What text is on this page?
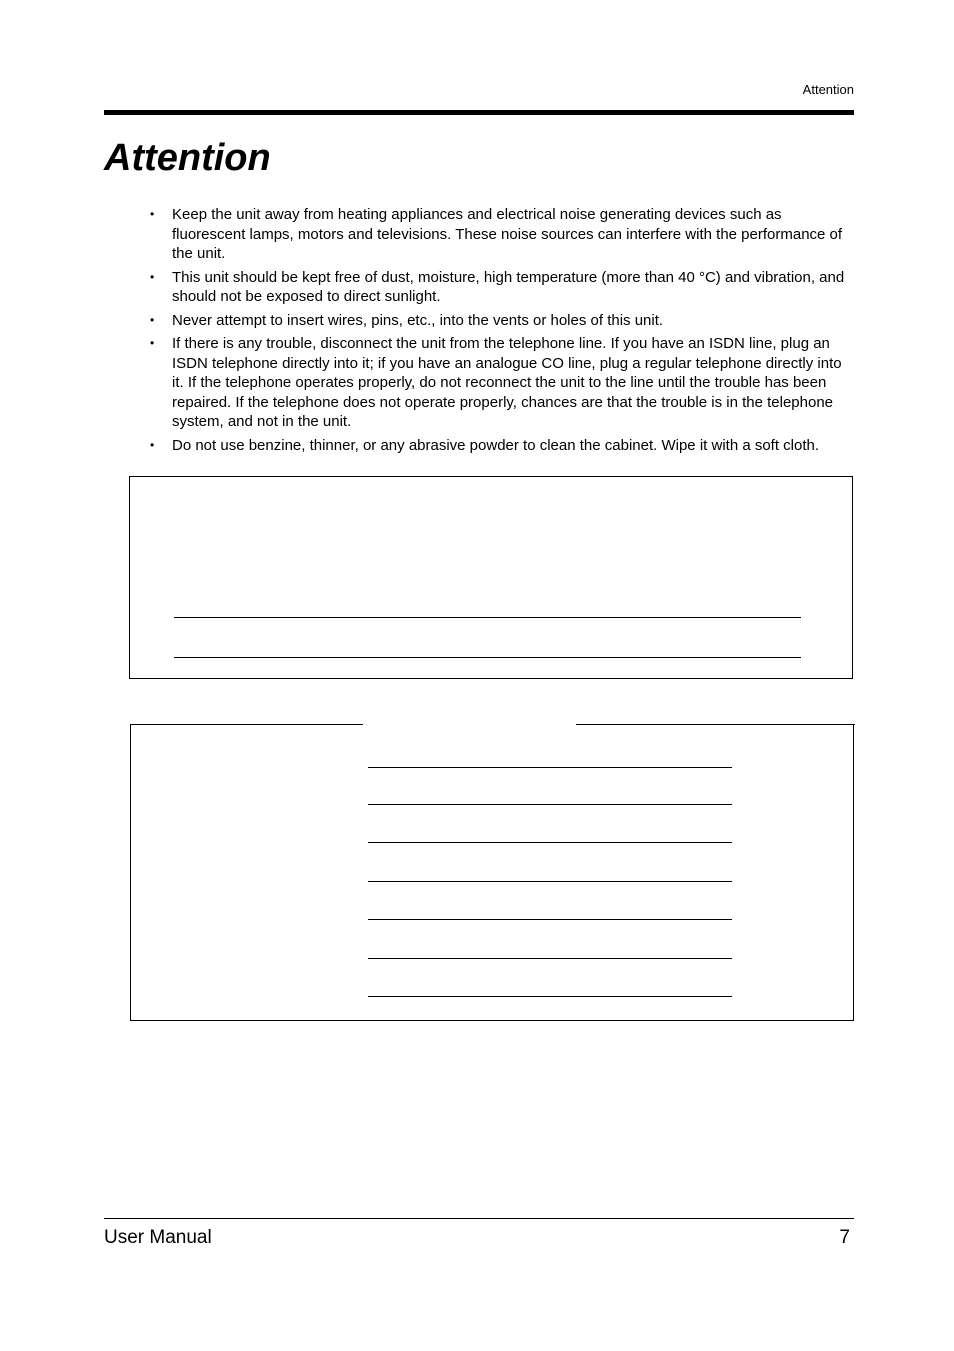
Attention
Attention
• Keep the unit away from heating appliances and electrical noise generating devices such as fluorescent lamps, motors and televisions. These noise sources can interfere with the performance of the unit.
• This unit should be kept free of dust, moisture, high temperature (more than 40 °C) and vibration, and should not be exposed to direct sunlight.
• Never attempt to insert wires, pins, etc., into the vents or holes of this unit.
• If there is any trouble, disconnect the unit from the telephone line. If you have an ISDN line, plug an ISDN telephone directly into it; if you have an analogue CO line, plug a regular telephone directly into it. If the telephone operates properly, do not reconnect the unit to the line until the trouble has been repaired. If the telephone does not operate properly, chances are that the trouble is in the telephone system, and not in the unit.
• Do not use benzine, thinner, or any abrasive powder to clean the cabinet. Wipe it with a soft cloth.
User Manual	7
